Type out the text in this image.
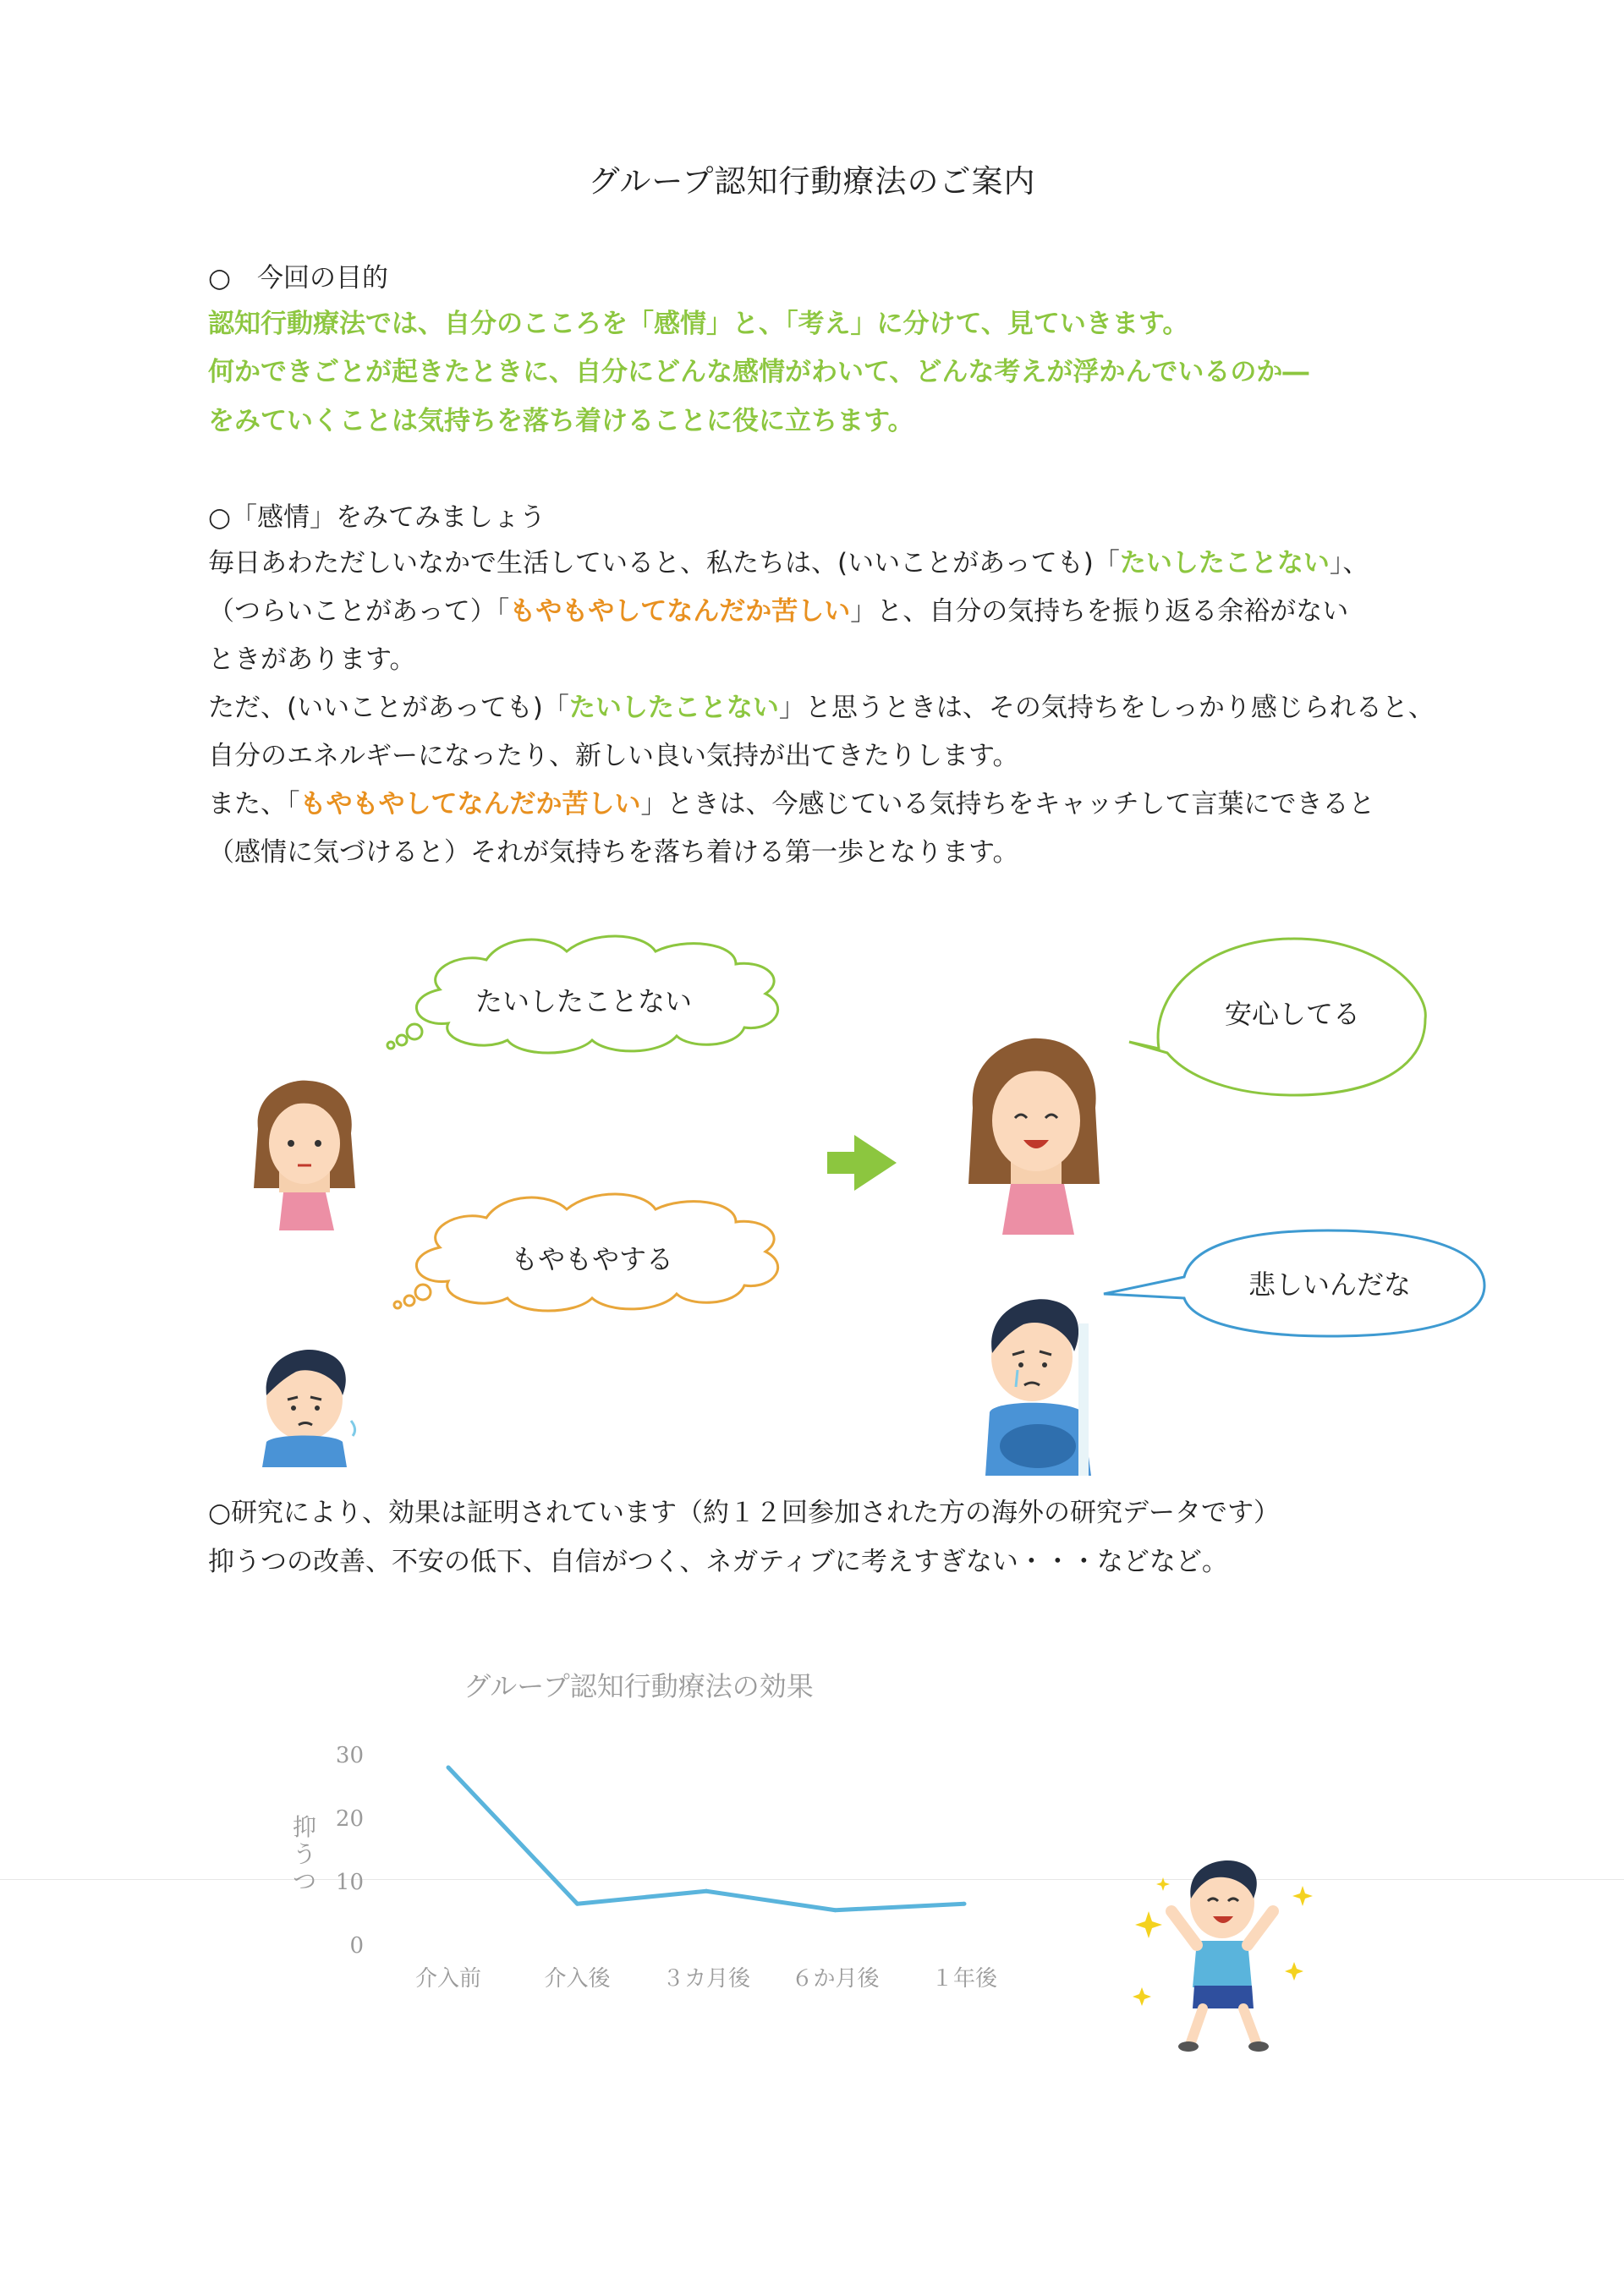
グループ認知行動療法のご案内
○　今回の目的
認知行動療法では、自分のこころを「感情」と、「考え」に分けて、見ていきます。
何かできごとが起きたときに、自分にどんな感情がわいて、どんな考えが浮かんでいるのか―
をみていくことは気持ちを落ち着けることに役に立ちます。
○「感情」をみてみましょう
毎日あわただしいなかで生活していると、私たちは、(いいことがあっても)「たいしたことない」、
（つらいことがあって）「もやもやしてなんだか苦しい」と、自分の気持ちを振り返る余裕がない
ときがあります。
ただ、(いいことがあっても)「たいしたことない」と思うときは、その気持ちをしっかり感じられると、
自分のエネルギーになったり、新しい良い気持が出てきたりします。
また、「もやもやしてなんだか苦しい」ときは、今感じている気持ちをキャッチして言葉にできると
（感情に気づけると）それが気持ちを落ち着ける第一歩となります。
たいしたことない
もやもやする
安心してる
悲しいんだな
○研究により、効果は証明されています（約１２回参加された方の海外の研究データです）
抑うつの改善、不安の低下、自信がつく、ネガティブに考えすぎない・・・などなど。
グループ認知行動療法の効果
抑
う
つ
0
10
20
30
介入前	介入後 ３カ月後 ６か月後 １年後
